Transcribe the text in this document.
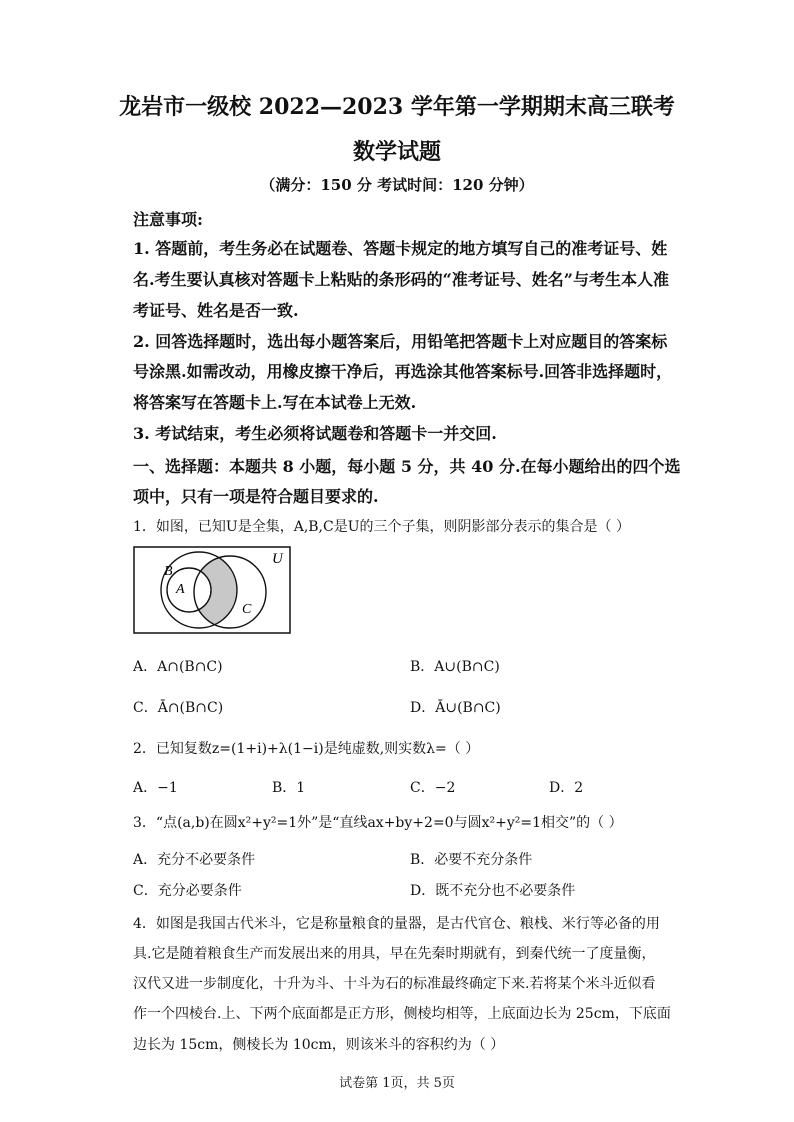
龙岩市一级校 2022—2023 学年第一学期期末高三联考
数学试题
（满分：150 分 考试时间：120 分钟）
注意事项:
1. 答题前，考生务必在试题卷、答题卡规定的地方填写自己的准考证号、姓
名.考生要认真核对答题卡上粘贴的条形码的“准考证号、姓名”与考生本人准
考证号、姓名是否一致.
2. 回答选择题时，选出每小题答案后，用铅笔把答题卡上对应题目的答案标
号涂黑.如需改动，用橡皮擦干净后，再选涂其他答案标号.回答非选择题时，
将答案写在答题卡上.写在本试卷上无效.
3. 考试结束，考生必须将试题卷和答题卡一并交回.
一、选择题：本题共 8 小题，每小题 5 分，共 40 分.在每小题给出的四个选
项中，只有一项是符合题目要求的.
1．如图，已知U是全集，A,B,C是U的三个子集，则阴影部分表示的集合是（ ）
U
B
A
C
A．A∩(B∩C)	B．A∪(B∩C)
C．Ā∩(B∩C)	D．Ā∪(B∩C)
2．已知复数z=(1+i)+λ(1−i)是纯虚数,则实数λ=（ ）
A．−1	B．1	C．−2	D．2
3．“点(a,b)在圆x²+y²=1外”是“直线ax+by+2=0与圆x²+y²=1相交”的（ ）
A．充分不必要条件	B．必要不充分条件
C．充分必要条件	D．既不充分也不必要条件
4．如图是我国古代米斗，它是称量粮食的量器，是古代官仓、粮栈、米行等必备的用
具.它是随着粮食生产而发展出来的用具，早在先秦时期就有，到秦代统一了度量衡，
汉代又进一步制度化，十升为斗、十斗为石的标准最终确定下来.若将某个米斗近似看
作一个四棱台.上、下两个底面都是正方形，侧棱均相等，上底面边长为 25cm，下底面
边长为 15cm，侧棱长为 10cm，则该米斗的容积约为（ ）
试卷第 1页，共 5页
